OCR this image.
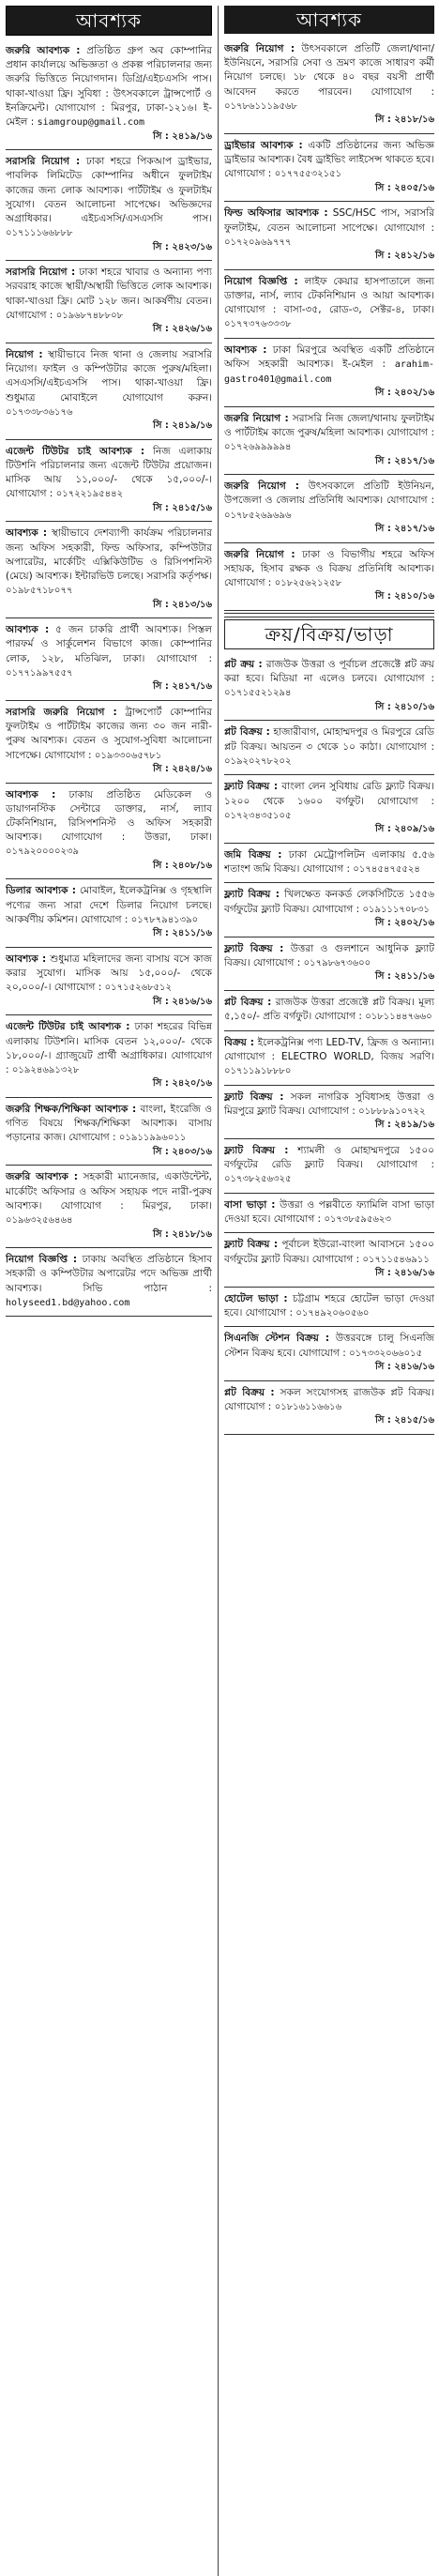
আবশ্যক
জরুরি আবশ্যক : প্রতিষ্ঠিত গ্রুপ অব কোম্পানির প্রধান কার্যালয়ে অভিজ্ঞতা ও প্রকল্প পরিচালনার জন্য জরুরি ভিত্তিতে নিয়োগদান। ডিগ্রি/এইচএসসি পাস। থাকা-খাওয়া ফ্রি। সুবিধা : উৎসবকালে ট্রান্সপোর্ট ও ইনক্রিমেন্ট। যোগাযোগ : মিরপুর, ঢাকা-১২১৬। ই-মেইল : siamgroup@gmail.com
সি : ২৪১৯/১৬
সরাসরি নিয়োগ : ঢাকা শহরে পিকআপ ড্রাইভার, পাবলিক লিমিটেড কোম্পানির অধীনে ফুলটাইম কাজের জন্য লোক আবশ্যক। পার্টটাইম ও ফুলটাইম সুযোগ। বেতন আলোচনা সাপেক্ষে। অভিজ্ঞদের অগ্রাধিকার। এইচএসসি/এসএসসি পাস। ০১৭১১১৬৬৮৮৮
সি : ২৪২৩/১৬
সরাসরি নিয়োগ : ঢাকা শহরে খাবার ও অন্যান্য পণ্য সরবরাহ কাজে স্থায়ী/অস্থায়ী ভিত্তিতে লোক আবশ্যক। থাকা-খাওয়া ফ্রি। মোট ১২৮ জন। আকর্ষণীয় বেতন। যোগাযোগ : ০১৯৬৮৭৪৮৮০৮
সি : ২৪২৬/১৬
নিয়োগ : স্থায়ীভাবে নিজ থানা ও জেলায় সরাসরি নিয়োগ। ফাইল ও কম্পিউটার কাজে পুরুষ/মহিলা। এসএসসি/এইচএসসি পাস। থাকা-খাওয়া ফ্রি। শুধুমাত্র মোবাইলে যোগাযোগ করুন। ০১৭৩৩৮৩৬১৭৬
সি : ২৪১৯/১৬
এজেন্ট টিউটর চাই আবশ্যক : নিজ এলাকায় টিউশনি পরিচালনার জন্য এজেন্ট টিউটর প্রয়োজন। মাসিক আয় ১১,০০০/- থেকে ১৫,০০০/-। যোগাযোগ : ০১৭২২১৯৫৪৪২
সি : ২৪১৫/১৬
আবশ্যক : স্থায়ীভাবে দেশব্যাপী কার্যক্রম পরিচালনার জন্য অফিস সহকারী, ফিল্ড অফিসার, কম্পিউটার অপারেটর, মার্কেটিং এক্সিকিউটিভ ও রিসিপশনিস্ট (মেয়ে) আবশ্যক। ইন্টারভিউ চলছে। সরাসরি কর্তৃপক্ষ। ০১৯৮৫৭১৮০৭৭
সি : ২৪১৩/১৬
আবশ্যক : ৫ জন চাকরি প্রার্থী আবশ্যক। পিস্তল পারফর্ম ও সার্কুলেশন বিভাগে কাজ। কোম্পানির লোক, ১২৮, মতিঝিল, ঢাকা। যোগাযোগ : ০১৭৭১৯৯৭৫৫৭
সি : ২৪১৭/১৬
সরাসরি জরুরি নিয়োগ : ট্রান্সপোর্ট কোম্পানির ফুলটাইম ও পার্টটাইম কাজের জন্য ৩০ জন নারী-পুরুষ আবশ্যক। বেতন ও সুযোগ-সুবিধা আলোচনা সাপেক্ষে। যোগাযোগ : ০১৯৩৩০৬৫৭৮১
সি : ২৪২৪/১৬
আবশ্যক : ঢাকায় প্রতিষ্ঠিত মেডিকেল ও ডায়াগনস্টিক সেন্টারে ডাক্তার, নার্স, ল্যাব টেকনিশিয়ান, রিসিপশনিস্ট ও অফিস সহকারী আবশ্যক। যোগাযোগ : উত্তরা, ঢাকা। ০১৭৯২০০০০২৩৯
সি : ২৪০৮/১৬
ডিলার আবশ্যক : মোবাইল, ইলেকট্রনিক্স ও গৃহস্থালি পণ্যের জন্য সারা দেশে ডিলার নিয়োগ চলছে। আকর্ষণীয় কমিশন। যোগাযোগ : ০১৭৮৭৯৪১৩৯০
সি : ২৪১১/১৬
আবশ্যক : শুধুমাত্র মহিলাদের জন্য বাসায় বসে কাজ করার সুযোগ। মাসিক আয় ১৫,০০০/- থেকে ২০,০০০/-। যোগাযোগ : ০১৭১৫২৬৮৫১২
সি : ২৪১৬/১৬
এজেন্ট টিউটর চাই আবশ্যক : ঢাকা শহরের বিভিন্ন এলাকায় টিউশনি। মাসিক বেতন ১২,০০০/- থেকে ১৮,০০০/-। গ্র্যাজুয়েট প্রার্থী অগ্রাধিকার। যোগাযোগ : ০১৯২৪৬৯১৩২৮
সি : ২৪২০/১৬
জরুরি শিক্ষক/শিক্ষিকা আবশ্যক : বাংলা, ইংরেজি ও গণিত বিষয়ে শিক্ষক/শিক্ষিকা আবশ্যক। বাসায় পড়ানোর কাজ। যোগাযোগ : ০১৯১১৯৯৬০১১
সি : ২৪০৩/১৬
জরুরি আবশ্যক : সহকারী ম্যানেজার, একাউন্টেন্ট, মার্কেটিং অফিসার ও অফিস সহায়ক পদে নারী-পুরুষ আবশ্যক। যোগাযোগ : মিরপুর, ঢাকা। ০১৯৬৩২৫৬৪৬৪
সি : ২৪১৮/১৬
নিয়োগ বিজ্ঞপ্তি : ঢাকায় অবস্থিত প্রতিষ্ঠানে হিসাব সহকারী ও কম্পিউটার অপারেটর পদে অভিজ্ঞ প্রার্থী আবশ্যক। সিভি পাঠান : holyseed1.bd@yahoo.com
আবশ্যক
জরুরি নিয়োগ : উৎসবকালে প্রতিটি জেলা/থানা/ইউনিয়নে, সরাসরি সেবা ও ভ্রমণ কাজে সাধারণ কর্মী নিয়োগ চলছে। ১৮ থেকে ৪০ বছর বয়সী প্রার্থী আবেদন করতে পারবেন। যোগাযোগ : ০১৭৮৬১১১৯৫৬৮
সি : ২৪১৮/১৬
ড্রাইভার আবশ্যক : একটি প্রতিষ্ঠানের জন্য অভিজ্ঞ ড্রাইভার আবশ্যক। বৈধ ড্রাইভিং লাইসেন্স থাকতে হবে। যোগাযোগ : ০১৭৭৫৫৩২১৫১
সি : ২৪০৫/১৬
ফিল্ড অফিসার আবশ্যক : SSC/HSC পাস, সরাসরি ফুলটাইম, বেতন আলোচনা সাপেক্ষে। যোগাযোগ : ০১৭২০৯৬৯৭৭৭
সি : ২৪১২/১৬
নিয়োগ বিজ্ঞপ্তি : লাইফ কেয়ার হাসপাতালে জন্য ডাক্তার, নার্স, ল্যাব টেকনিশিয়ান ও আয়া আবশ্যক। যোগাযোগ : বাসা-৩৫, রোড-৩, সেক্টর-৪, ঢাকা। ০১৭৭৩৭৬৩৩৩৮
আবশ্যক : ঢাকা মিরপুরে অবস্থিত একটি প্রতিষ্ঠানে অফিস সহকারী আবশ্যক। ই-মেইল : arahim-gastro401@gmail.com
সি : ২৪০২/১৬
জরুরি নিয়োগ : সরাসরি নিজ জেলা/থানায় ফুলটাইম ও পার্টটাইম কাজে পুরুষ/মহিলা আবশ্যক। যোগাযোগ : ০১৭২৬৯৯৯৯৯৪
সি : ২৪১৭/১৬
জরুরি নিয়োগ : উৎসবকালে প্রতিটি ইউনিয়ন, উপজেলা ও জেলায় প্রতিনিধি আবশ্যক। যোগাযোগ : ০১৭৮৫২৬৯৬৯৬
সি : ২৪১৭/১৬
জরুরি নিয়োগ : ঢাকা ও বিভাগীয় শহরে অফিস সহায়ক, হিসাব রক্ষক ও বিক্রয় প্রতিনিধি আবশ্যক। যোগাযোগ : ০১৮২৫৬২১২৫৮
সি : ২৪১০/১৬
ক্রয়/বিক্রয়/ভাড়া
প্লট ক্রয় : রাজউক উত্তরা ও পূর্বাচল প্রজেক্টে প্লট ক্রয় করা হবে। মিডিয়া না এলেও চলবে। যোগাযোগ : ০১৭১৫৫২১২৯৪
সি : ২৪১০/১৬
প্লট বিক্রয় : হাজারীবাগ, মোহাম্মদপুর ও মিরপুরে রেডি প্লট বিক্রয়। আয়তন ৩ থেকে ১০ কাঠা। যোগাযোগ : ০১৯২০২৭৮২০২
ফ্ল্যাট বিক্রয় : বাংলা লেন সুবিধায় রেডি ফ্ল্যাট বিক্রয়। ১২০০ থেকে ১৬০০ বর্গফুট। যোগাযোগ : ০১৭২৩৪৩৫১০৫
সি : ২৪০৯/১৬
জমি বিক্রয় : ঢাকা মেট্রোপলিটন এলাকায় ৫.৫৬ শতাংশ জমি বিক্রয়। যোগাযোগ : ০১৭৪৫৪৭৫৫২৪
ফ্ল্যাট বিক্রয় : খিলক্ষেত কনকর্ড লেকসিটিতে ১৫৫৬ বর্গফুটের ফ্ল্যাট বিক্রয়। যোগাযোগ : ০১৯১১১৭০৮৩১
সি : ২৪০২/১৬
ফ্ল্যাট বিক্রয় : উত্তরা ও গুলশানে আধুনিক ফ্ল্যাট বিক্রয়। যোগাযোগ : ০১৭৯৮৬৭৩৬০০
সি : ২৪১১/১৬
প্লট বিক্রয় : রাজউক উত্তরা প্রজেক্টে প্লট বিক্রয়। মূল্য ৫,১৫০/- প্রতি বর্গফুট। যোগাযোগ : ০১৮১১৪৪৭৬৬০
বিক্রয় : ইলেকট্রনিক্স পণ্য LED-TV, ফ্রিজ ও অন্যান্য। যোগাযোগ : ELECTRO WORLD, বিজয় সরণি। ০১৭১১৯১৮৮৮০
ফ্ল্যাট বিক্রয় : সকল নাগরিক সুবিধাসহ উত্তরা ও মিরপুরে ফ্ল্যাট বিক্রয়। যোগাযোগ : ০১৮৮৮৯১০৭২২
সি : ২৪১৯/১৬
ফ্ল্যাট বিক্রয় : শ্যামলী ও মোহাম্মদপুরে ১৫০০ বর্গফুটের রেডি ফ্ল্যাট বিক্রয়। যোগাযোগ : ০১৭৩৮২৫৬৩২৫
বাসা ভাড়া : উত্তরা ও পল্লবীতে ফ্যামিলি বাসা ভাড়া দেওয়া হবে। যোগাযোগ : ০১৭৩৮৫৯৫৬২৩
ফ্ল্যাট বিক্রয় : পূর্বাচল ইউরো-বাংলা আবাসনে ১৫০০ বর্গফুটের ফ্ল্যাট বিক্রয়। যোগাযোগ : ০১৭১১৫৪৬৯১১
সি : ২৪১৬/১৬
হোটেল ভাড়া : চট্টগ্রাম শহরে হোটেল ভাড়া দেওয়া হবে। যোগাযোগ : ০১৭৪৯২০৬০৫৬০
সিএনজি স্টেশন বিক্রয় : উত্তরবঙ্গে চালু সিএনজি স্টেশন বিক্রয় হবে। যোগাযোগ : ০১৭৩৩২০৬৬০১৫
সি : ২৪১৬/১৬
প্লট বিক্রয় : সকল সংযোগসহ রাজউক প্লট বিক্রয়। যোগাযোগ : ০১৮১৬১১৬৬১৬
সি : ২৪১৫/১৬
